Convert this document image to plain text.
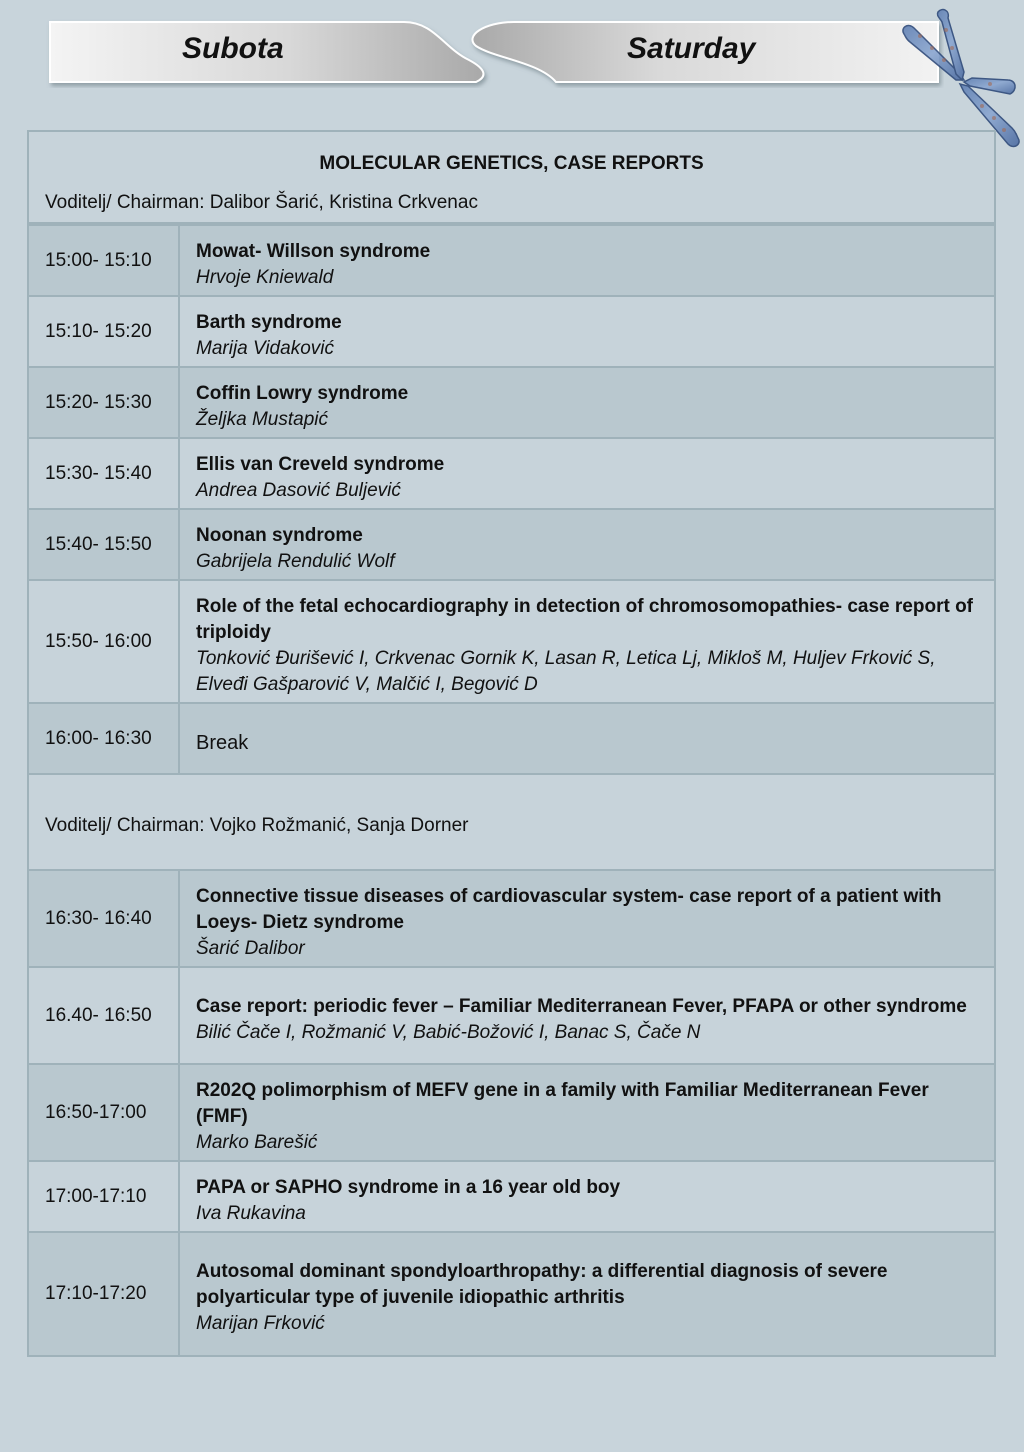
Subota	Saturday
MOLECULAR GENETICS, CASE REPORTS
Voditelj/ Chairman: Dalibor Šarić, Kristina Crkvenac
15:00- 15:10	Mowat- Willson syndrome
Hrvoje Kniewald
15:10- 15:20	Barth syndrome
Marija Vidaković
15:20- 15:30	Coffin Lowry syndrome
Željka Mustapić
15:30- 15:40	Ellis van Creveld syndrome
Andrea Dasović Buljević
15:40- 15:50	Noonan syndrome
Gabrijela Rendulić Wolf
15:50- 16:00
Role of the fetal echocardiography in detection of chromosomopathies- case report of triploidy
Tonković Đurišević I, Crkvenac Gornik K, Lasan R, Letica Lj, Mikloš M, Huljev Frković S, Elveđi Gašparović V, Malčić I, Begović D
16:00- 16:30	Break
Voditelj/ Chairman: Vojko Rožmanić, Sanja Dorner
16:30- 16:40
Connective tissue diseases of cardiovascular system- case report of a patient with Loeys- Dietz syndrome
Šarić Dalibor
16.40- 16:50	Case report: periodic fever – Familiar Mediterranean Fever, PFAPA or other syndrome
Bilić Čače I, Rožmanić V, Babić-Božović I, Banac S, Čače N
16:50-17:00
R202Q polimorphism of MEFV gene in a family with Familiar Mediterranean Fever (FMF)
Marko Barešić
17:00-17:10	PAPA or SAPHO syndrome in a 16 year old boy
Iva Rukavina
17:10-17:20
Autosomal dominant spondyloarthropathy: a differential diagnosis of severe polyarticular type of juvenile idiopathic arthritis
Marijan Frković
